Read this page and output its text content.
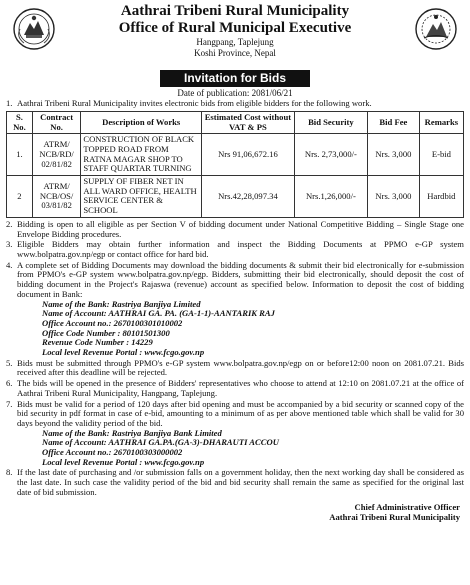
Aathrai Tribeni Rural Municipality
Office of Rural Municipal Executive
Hangpang, Taplejung
Koshi Province, Nepal
Invitation for Bids
Date of publication: 2081/06/21
1. Aathrai Tribeni Rural Municipality invites electronic bids from eligible bidders for the following work.
S. No.	Contract No.	Description of Works	Estimated Cost without VAT & PS	Bid Security	Bid Fee	Remarks
1.	ATRM/ NCB/RD/ 02/81/82	CONSTRUCTION OF BLACK TOPPED ROAD FROM RATNA MAGAR SHOP TO STAFF QUARTAR TURNING	Nrs 91,06,672.16	Nrs. 2,73,000/-	Nrs. 3,000	E-bid
2	ATRM/ NCB/OS/ 03/81/82	SUPPLY OF FIBER NET IN ALL WARD OFFICE, HEALTH SERVICE CENTER & SCHOOL	Nrs.42,28,097.34	Nrs.1,26,000/-	Nrs. 3,000	Hardbid
2. Bidding is open to all eligible as per Section V of bidding document under National Competitive Bidding – Single Stage one Envelope Bidding procedures.
3. Eligible Bidders may obtain further information and inspect the Bidding Documents at PPMO e-GP system www.bolpatra.gov.np/egp or contact office for hard bid.
4. A complete set of Bidding Documents may download the bidding documents & submit their bid electronically for e-submission from PPMO's e-GP system www.bolpatra.gov.np/egp. Bidders, submitting their bid electronically, should deposit the cost of bidding document in the Project's Rajaswa (revenue) account as specified below. Information to deposit the cost of bidding document in Bank:
Name of the Bank: Rastriya Banjiya Limited
Name of Account: AATHRAI GA. PA. (GA-1-1)-AANTARIK RAJ
Office Account no.: 2670100301010002
Office Code Number : 80101501300
Revenue Code Number : 14229
Local level Revenue Portal : www.fcgo.gov.np
5. Bids must be submitted through PPMO's e-GP system www.bolpatra.gov.np/egp on or before12:00 noon on 2081.07.21. Bids received after this deadline will be rejected.
6. The bids will be opened in the presence of Bidders' representatives who choose to attend at 12:10 on 2081.07.21 at the office of Aathrai Tribeni Rural Municipality, Hangpang, Taplejung.
7. Bids must be valid for a period of 120 days after bid opening and must be accompanied by a bid security or scanned copy of the bid security in pdf format in case of e-bid, amounting to a minimum of as per above mentioned table which shall be valid for 30 days beyond the validity period of the bid.
Name of the Bank: Rastriya Banjiya Bank Limited
Name of Account: AATHRAI GA.PA.(GA-3)-DHARAUTI ACCOU
Office Account no.: 2670100303000002
Local level Revenue Portal : www.fcgo.gov.np
8. If the last date of purchasing and /or submission falls on a government holiday, then the next working day shall be considered as the last date. In such case the validity period of the bid and bid security shall remain the same as specified for the original last date of bid submission.
Chief Administrative Officer
Aathrai Tribeni Rural Municipality
